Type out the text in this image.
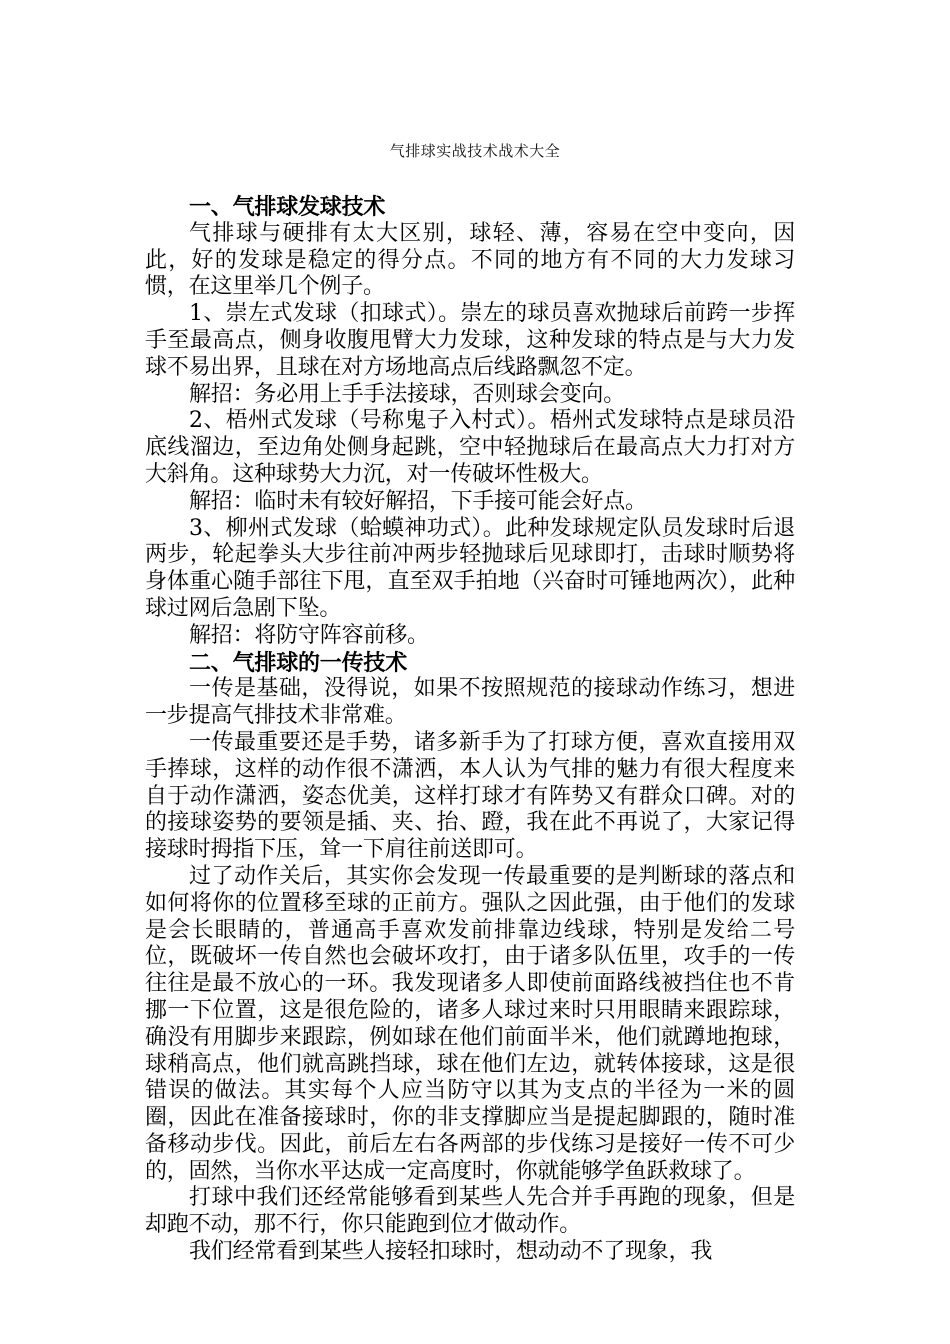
气排球实战技术战术大全

一、气排球发球技术

气排球与硬排有太大区别，球轻、薄，容易在空中变向，因此，好的发球是稳定的得分点。不同的地方有不同的大力发球习惯，在这里举几个例子。

1、崇左式发球（扣球式）。崇左的球员喜欢抛球后前跨一步挥手至最高点，侧身收腹甩臂大力发球，这种发球的特点是与大力发球不易出界，且球在对方场地高点后线路飘忽不定。

解招：务必用上手手法接球，否则球会变向。

2、梧州式发球（号称鬼子入村式）。梧州式发球特点是球员沿底线溜边，至边角处侧身起跳，空中轻抛球后在最高点大力打对方大斜角。这种球势大力沉，对一传破坏性极大。

解招：临时未有较好解招，下手接可能会好点。

3、柳州式发球（蛤蟆神功式）。此种发球规定队员发球时后退两步，轮起拳头大步往前冲两步轻抛球后见球即打，击球时顺势将身体重心随手部往下甩，直至双手拍地（兴奋时可锤地两次），此种球过网后急剧下坠。

解招：将防守阵容前移。

二、气排球的一传技术

一传是基础，没得说，如果不按照规范的接球动作练习，想进一步提高气排技术非常难。

一传最重要还是手势，诸多新手为了打球方便，喜欢直接用双手捧球，这样的动作很不潇洒，本人认为气排的魅力有很大程度来自于动作潇洒，姿态优美，这样打球才有阵势又有群众口碑。对的的接球姿势的要领是插、夹、抬、蹬，我在此不再说了，大家记得接球时拇指下压，耸一下肩往前送即可。

过了动作关后，其实你会发现一传最重要的是判断球的落点和如何将你的位置移至球的正前方。强队之因此强，由于他们的发球是会长眼睛的，普通高手喜欢发前排靠边线球，特别是发给二号位，既破坏一传自然也会破坏攻打，由于诸多队伍里，攻手的一传往往是最不放心的一环。我发现诸多人即使前面路线被挡住也不肯挪一下位置，这是很危险的，诸多人球过来时只用眼睛来跟踪球，确没有用脚步来跟踪，例如球在他们前面半米，他们就蹲地抱球，球稍高点，他们就高跳挡球，球在他们左边，就转体接球，这是很错误的做法。其实每个人应当防守以其为支点的半径为一米的圆圈，因此在准备接球时，你的非支撑脚应当是提起脚跟的，随时准备移动步伐。因此，前后左右各两部的步伐练习是接好一传不可少的，固然，当你水平达成一定高度时，你就能够学鱼跃救球了。

打球中我们还经常能够看到某些人先合并手再跑的现象，但是却跑不动，那不行，你只能跑到位才做动作。

我们经常看到某些人接轻扣球时，想动动不了现象，我
